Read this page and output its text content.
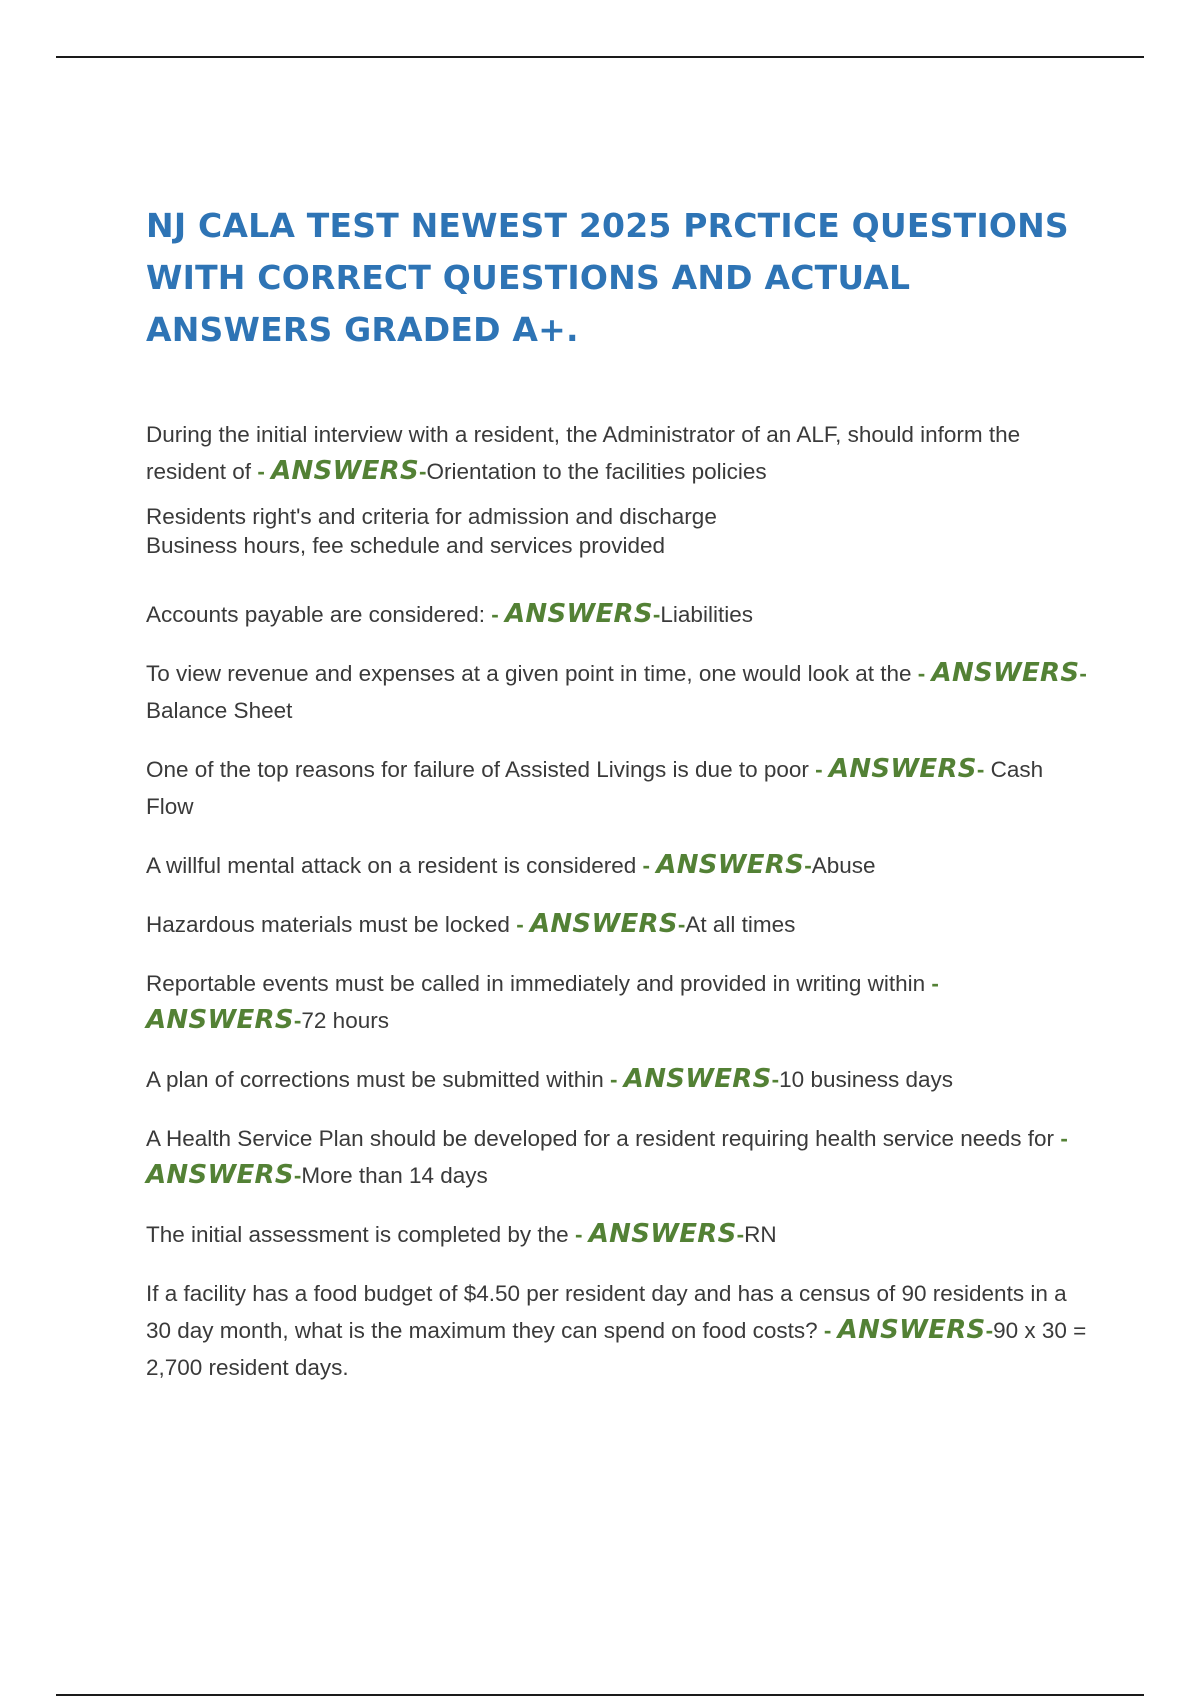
NJ CALA TEST NEWEST 2025 PRCTICE QUESTIONS WITH CORRECT QUESTIONS AND ACTUAL ANSWERS GRADED A+.

During the initial interview with a resident, the Administrator of an ALF, should inform the resident of - ANSWERS-Orientation to the facilities policies

Residents right's and criteria for admission and discharge
Business hours, fee schedule and services provided

Accounts payable are considered: - ANSWERS-Liabilities

To view revenue and expenses at a given point in time, one would look at the - ANSWERS-Balance Sheet

One of the top reasons for failure of Assisted Livings is due to poor - ANSWERS- Cash Flow

A willful mental attack on a resident is considered - ANSWERS-Abuse

Hazardous materials must be locked - ANSWERS-At all times

Reportable events must be called in immediately and provided in writing within - ANSWERS-72 hours

A plan of corrections must be submitted within - ANSWERS-10 business days

A Health Service Plan should be developed for a resident requiring health service needs for - ANSWERS-More than 14 days

The initial assessment is completed by the - ANSWERS-RN

If a facility has a food budget of $4.50 per resident day and has a census of 90 residents in a 30 day month, what is the maximum they can spend on food costs? - ANSWERS-90 x 30 = 2,700 resident days.
